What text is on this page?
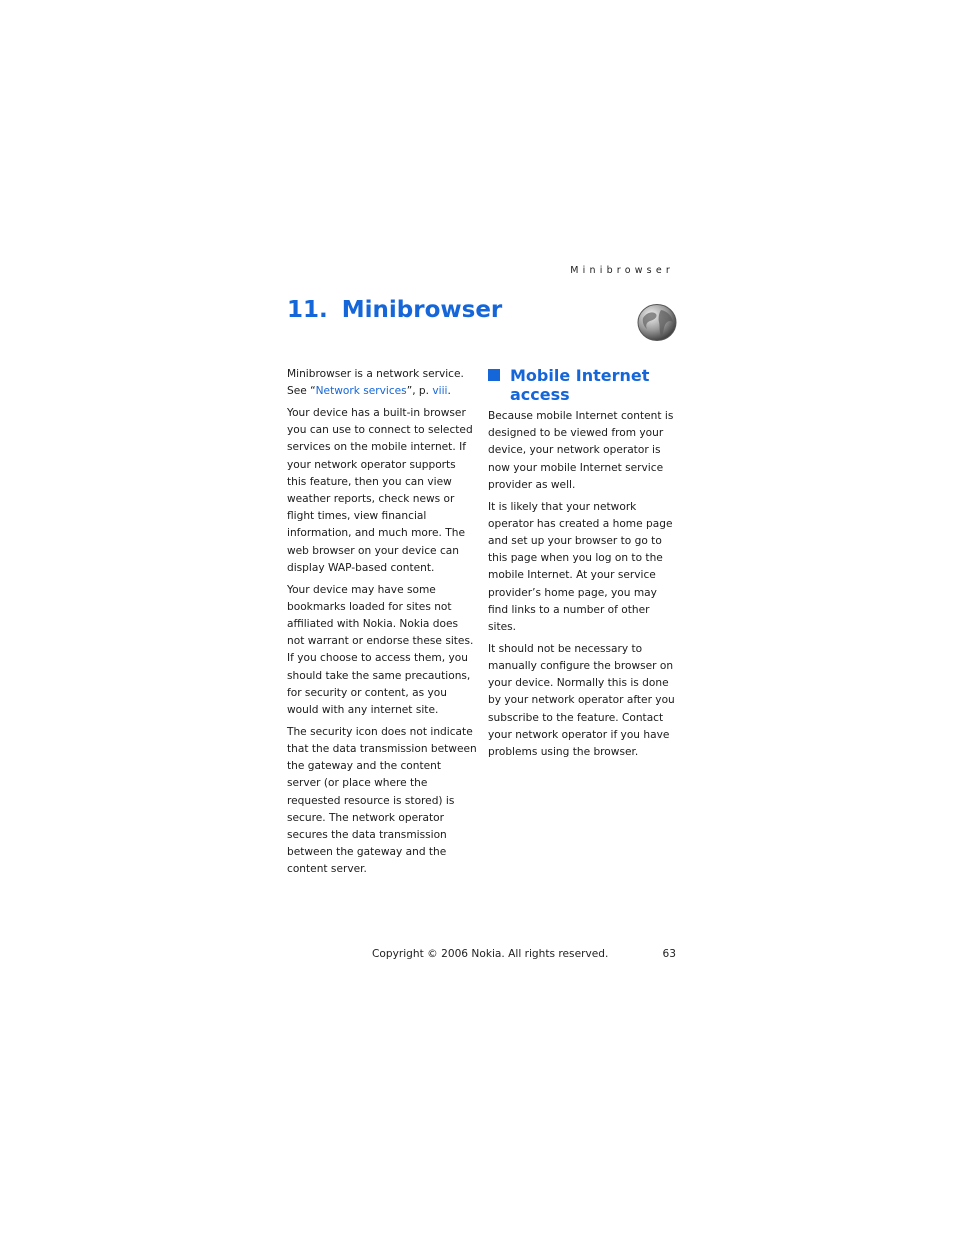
Minibrowser
11. Minibrowser

Minibrowser is a network service.
See “Network services”, p. viii.

Your device has a built-in browser you can use to connect to selected services on the mobile internet. If your network operator supports this feature, then you can view weather reports, check news or flight times, view financial information, and much more. The web browser on your device can display WAP-based content.

Your device may have some bookmarks loaded for sites not affiliated with Nokia. Nokia does not warrant or endorse these sites. If you choose to access them, you should take the same precautions, for security or content, as you would with any internet site.

The security icon does not indicate that the data transmission between the gateway and the content server (or place where the requested resource is stored) is secure. The network operator secures the data transmission between the gateway and the content server.

Mobile Internet access

Because mobile Internet content is designed to be viewed from your device, your network operator is now your mobile Internet service provider as well.

It is likely that your network operator has created a home page and set up your browser to go to this page when you log on to the mobile Internet. At your service provider’s home page, you may find links to a number of other sites.

It should not be necessary to manually configure the browser on your device. Normally this is done by your network operator after you subscribe to the feature. Contact your network operator if you have problems using the browser.

Copyright © 2006 Nokia. All rights reserved.	63
